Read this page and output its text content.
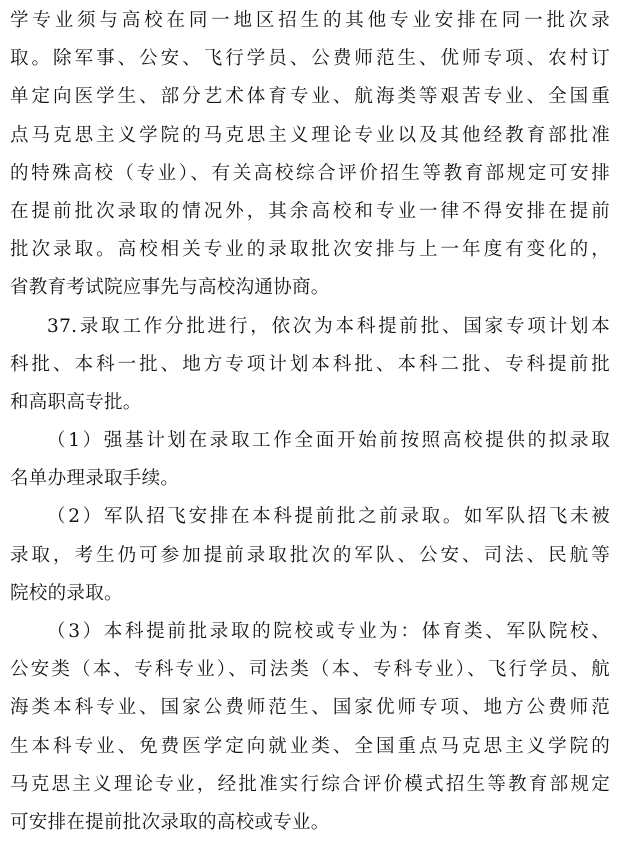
学专业须与高校在同一地区招生的其他专业安排在同一批次录
取。除军事、公安、飞行学员、公费师范生、优师专项、农村订
单定向医学生、部分艺术体育专业、航海类等艰苦专业、全国重
点马克思主义学院的马克思主义理论专业以及其他经教育部批准
的特殊高校（专业）、有关高校综合评价招生等教育部规定可安排
在提前批次录取的情况外，其余高校和专业一律不得安排在提前
批次录取。高校相关专业的录取批次安排与上一年度有变化的，
省教育考试院应事先与高校沟通协商。
37.录取工作分批进行，依次为本科提前批、国家专项计划本
科批、本科一批、地方专项计划本科批、本科二批、专科提前批
和高职高专批。
（1）强基计划在录取工作全面开始前按照高校提供的拟录取
名单办理录取手续。
（2）军队招飞安排在本科提前批之前录取。如军队招飞未被
录取，考生仍可参加提前录取批次的军队、公安、司法、民航等
院校的录取。
（3）本科提前批录取的院校或专业为：体育类、军队院校、
公安类（本、专科专业）、司法类（本、专科专业）、飞行学员、航
海类本科专业、国家公费师范生、国家优师专项、地方公费师范
生本科专业、免费医学定向就业类、全国重点马克思主义学院的
马克思主义理论专业，经批准实行综合评价模式招生等教育部规定
可安排在提前批次录取的高校或专业。
